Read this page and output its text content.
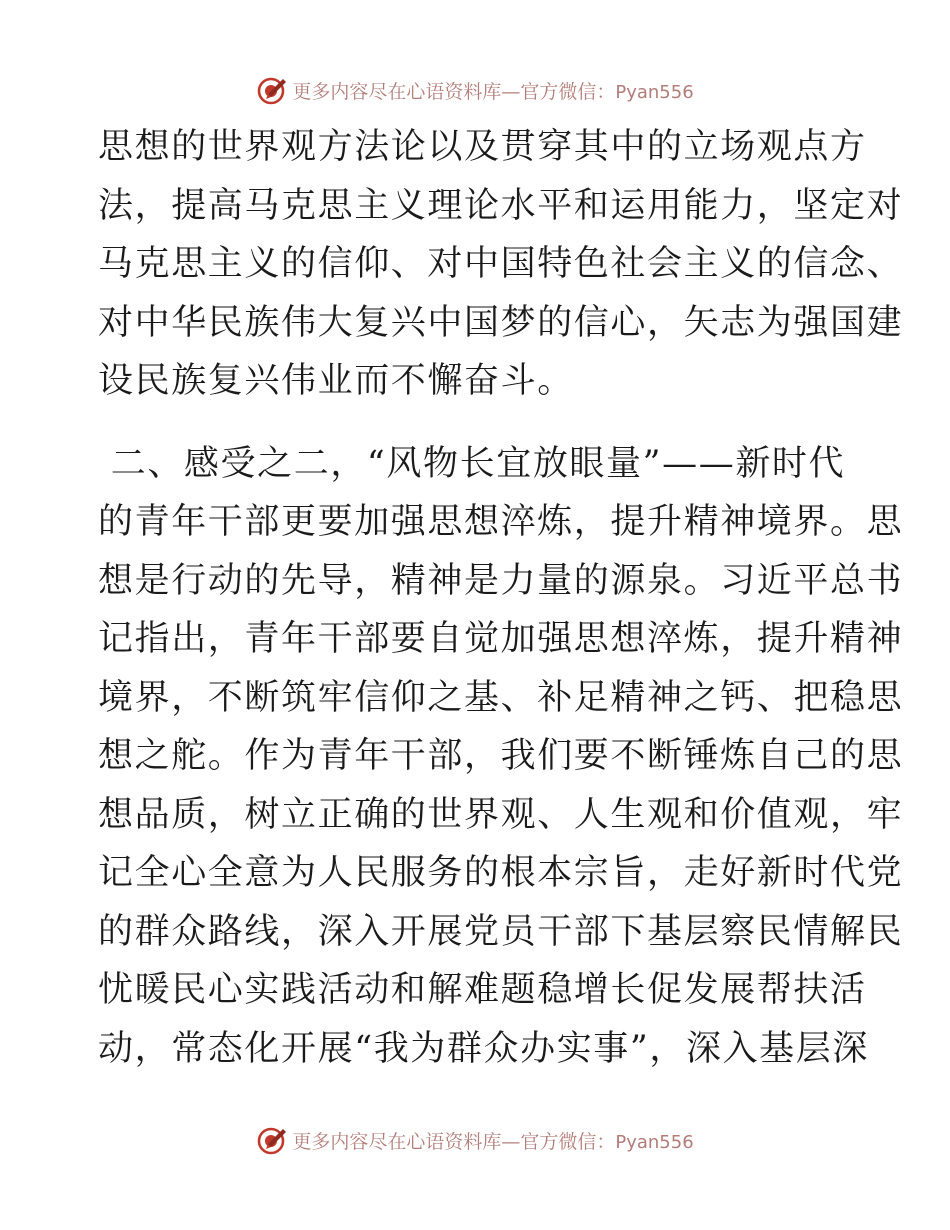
更多内容尽在心语资料库—官方微信：Pyan556
思想的世界观方法论以及贯穿其中的立场观点方
法，提高马克思主义理论水平和运用能力，坚定对
马克思主义的信仰、对中国特色社会主义的信念、
对中华民族伟大复兴中国梦的信心，矢志为强国建
设民族复兴伟业而不懈奋斗。
二、感受之二，“风物长宜放眼量”——新时代
的青年干部更要加强思想淬炼，提升精神境界。思
想是行动的先导，精神是力量的源泉。习近平总书
记指出，青年干部要自觉加强思想淬炼，提升精神
境界，不断筑牢信仰之基、补足精神之钙、把稳思
想之舵。作为青年干部，我们要不断锤炼自己的思
想品质，树立正确的世界观、人生观和价值观，牢
记全心全意为人民服务的根本宗旨，走好新时代党
的群众路线，深入开展党员干部下基层察民情解民
忧暖民心实践活动和解难题稳增长促发展帮扶活
动，常态化开展“我为群众办实事”，深入基层深
更多内容尽在心语资料库—官方微信：Pyan556
